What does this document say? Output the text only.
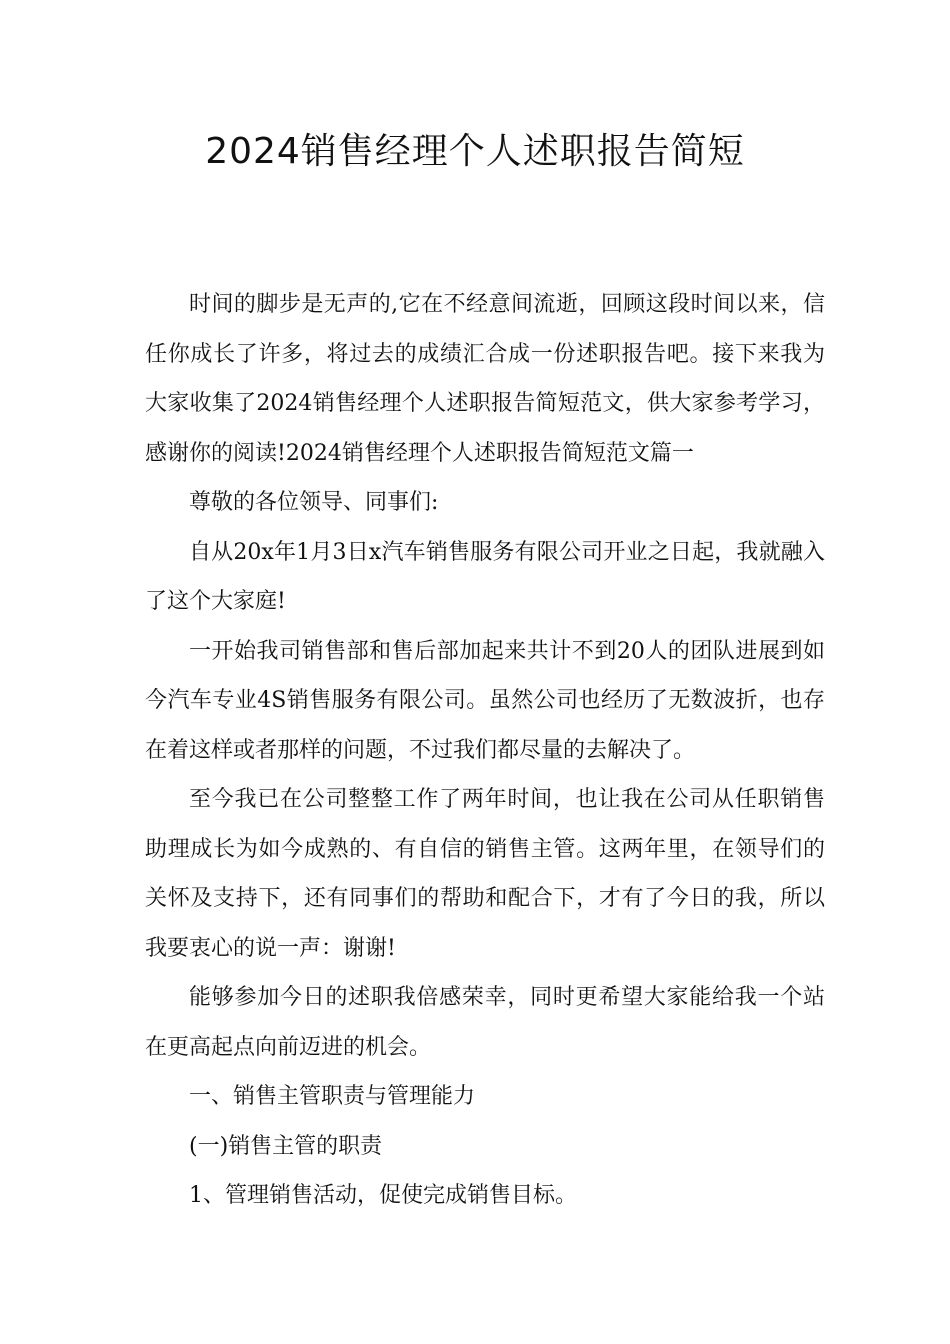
2024销售经理个人述职报告简短

时间的脚步是无声的,它在不经意间流逝，回顾这段时间以来，信任你成长了许多，将过去的成绩汇合成一份述职报告吧。接下来我为大家收集了2024销售经理个人述职报告简短范文，供大家参考学习，感谢你的阅读!2024销售经理个人述职报告简短范文篇一

尊敬的各位领导、同事们:

自从20x年1月3日x汽车销售服务有限公司开业之日起，我就融入了这个大家庭!

一开始我司销售部和售后部加起来共计不到20人的团队进展到如今汽车专业4S销售服务有限公司。虽然公司也经历了无数波折，也存在着这样或者那样的问题，不过我们都尽量的去解决了。

至今我已在公司整整工作了两年时间，也让我在公司从任职销售助理成长为如今成熟的、有自信的销售主管。这两年里，在领导们的关怀及支持下，还有同事们的帮助和配合下，才有了今日的我，所以我要衷心的说一声：谢谢!

能够参加今日的述职我倍感荣幸，同时更希望大家能给我一个站在更高起点向前迈进的机会。

一、销售主管职责与管理能力

(一)销售主管的职责

1、管理销售活动，促使完成销售目标。
